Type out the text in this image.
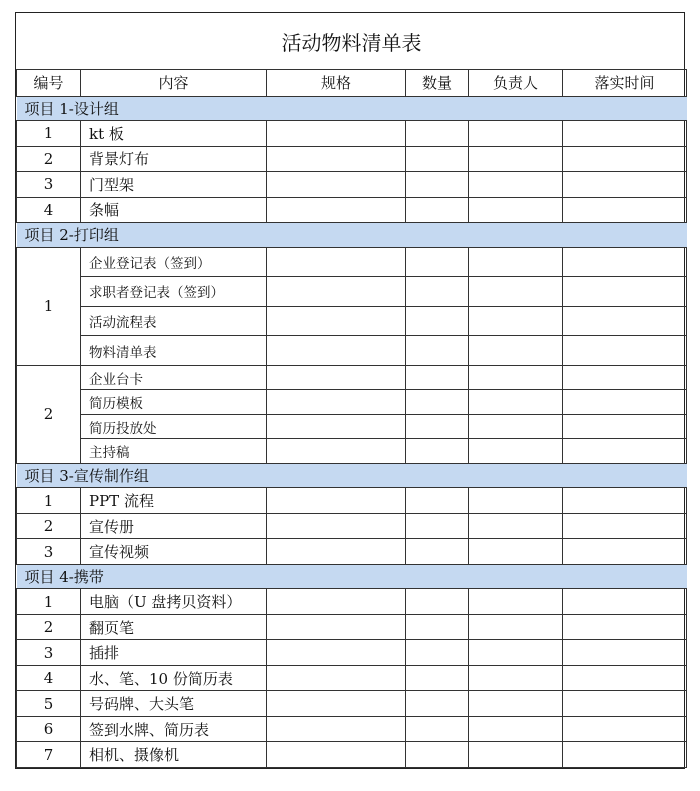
活动物料清单表					
编号	内容	规格	数量	负责人	落实时间
项目 1-设计组					
1	kt 板				
2	背景灯布				
3	门型架				
4	条幅				
项目 2-打印组					
1	企业登记表（签到）				
	求职者登记表（签到）				
	活动流程表				
	物料清单表				
2	企业台卡				
	简历模板				
	简历投放处				
	主持稿				
项目 3-宣传制作组					
1	PPT 流程				
2	宣传册				
3	宣传视频				
项目 4-携带					
1	电脑（U 盘拷贝资料）				
2	翻页笔				
3	插排				
4	水、笔、10 份简历表				
5	号码牌、大头笔				
6	签到水牌、简历表				
7	相机、摄像机				
